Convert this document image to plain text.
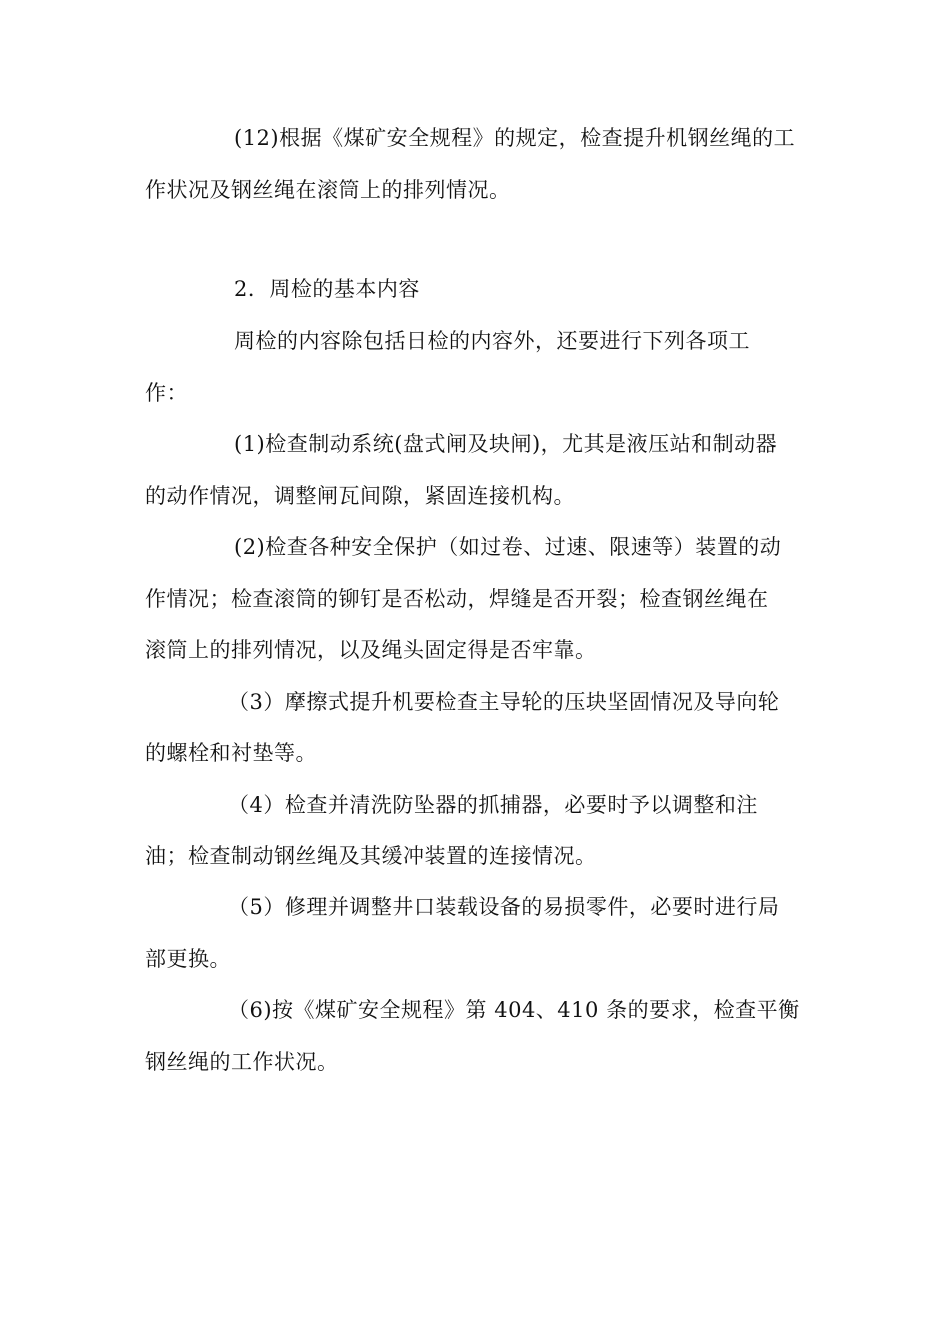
(12)根据《煤矿安全规程》的规定，检查提升机钢丝绳的工
作状况及钢丝绳在滚筒上的排列情况。
2．周检的基本内容
周检的内容除包括日检的内容外，还要进行下列各项工
作：
(1)检查制动系统(盘式闸及块闸)，尤其是液压站和制动器
的动作情况，调整闸瓦间隙，紧固连接机构。
(2)检查各种安全保护（如过卷、过速、限速等）装置的动
作情况；检查滚筒的铆钉是否松动，焊缝是否开裂；检查钢丝绳在
滚筒上的排列情况，以及绳头固定得是否牢靠。
（3）摩擦式提升机要检查主导轮的压块坚固情况及导向轮
的螺栓和衬垫等。
（4）检查并清洗防坠器的抓捕器，必要时予以调整和注
油；检查制动钢丝绳及其缓冲装置的连接情况。
（5）修理并调整井口装载设备的易损零件，必要时进行局
部更换。
（6)按《煤矿安全规程》第 404、410 条的要求，检查平衡
钢丝绳的工作状况。
